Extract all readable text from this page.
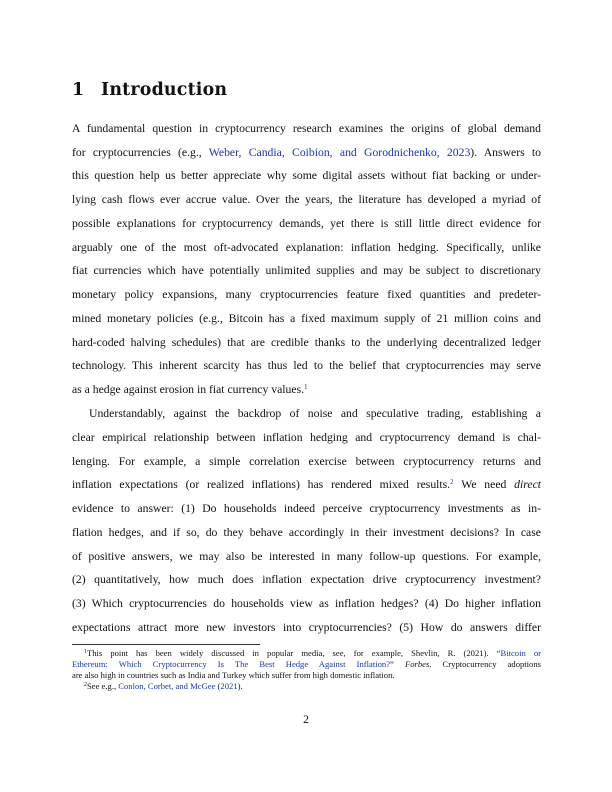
1 Introduction
A fundamental question in cryptocurrency research examines the origins of global demand
for cryptocurrencies (e.g., Weber, Candia, Coibion, and Gorodnichenko, 2023). Answers to
this question help us better appreciate why some digital assets without fiat backing or under-
lying cash flows ever accrue value. Over the years, the literature has developed a myriad of
possible explanations for cryptocurrency demands, yet there is still little direct evidence for
arguably one of the most oft-advocated explanation: inflation hedging. Specifically, unlike
fiat currencies which have potentially unlimited supplies and may be subject to discretionary
monetary policy expansions, many cryptocurrencies feature fixed quantities and predeter-
mined monetary policies (e.g., Bitcoin has a fixed maximum supply of 21 million coins and
hard-coded halving schedules) that are credible thanks to the underlying decentralized ledger
technology. This inherent scarcity has thus led to the belief that cryptocurrencies may serve
as a hedge against erosion in fiat currency values.$^1$
Understandably, against the backdrop of noise and speculative trading, establishing a
clear empirical relationship between inflation hedging and cryptocurrency demand is chal-
lenging. For example, a simple correlation exercise between cryptocurrency returns and
inflation expectations (or realized inflations) has rendered mixed results.$^2$ We need direct
evidence to answer: (1) Do households indeed perceive cryptocurrency investments as in-
flation hedges, and if so, do they behave accordingly in their investment decisions? In case
of positive answers, we may also be interested in many follow-up questions. For example,
(2) quantitatively, how much does inflation expectation drive cryptocurrency investment?
(3) Which cryptocurrencies do households view as inflation hedges? (4) Do higher inflation
expectations attract more new investors into cryptocurrencies? (5) How do answers differ
$^1$This point has been widely discussed in popular media, see, for example, Shevlin, R. (2021). “Bitcoin or
Ethereum: Which Cryptocurrency Is The Best Hedge Against Inflation?” Forbes. Cryptocurrency adoptions
are also high in countries such as India and Turkey which suffer from high domestic inflation.
$^2$See e.g., Conlon, Corbet, and McGee (2021).
2
